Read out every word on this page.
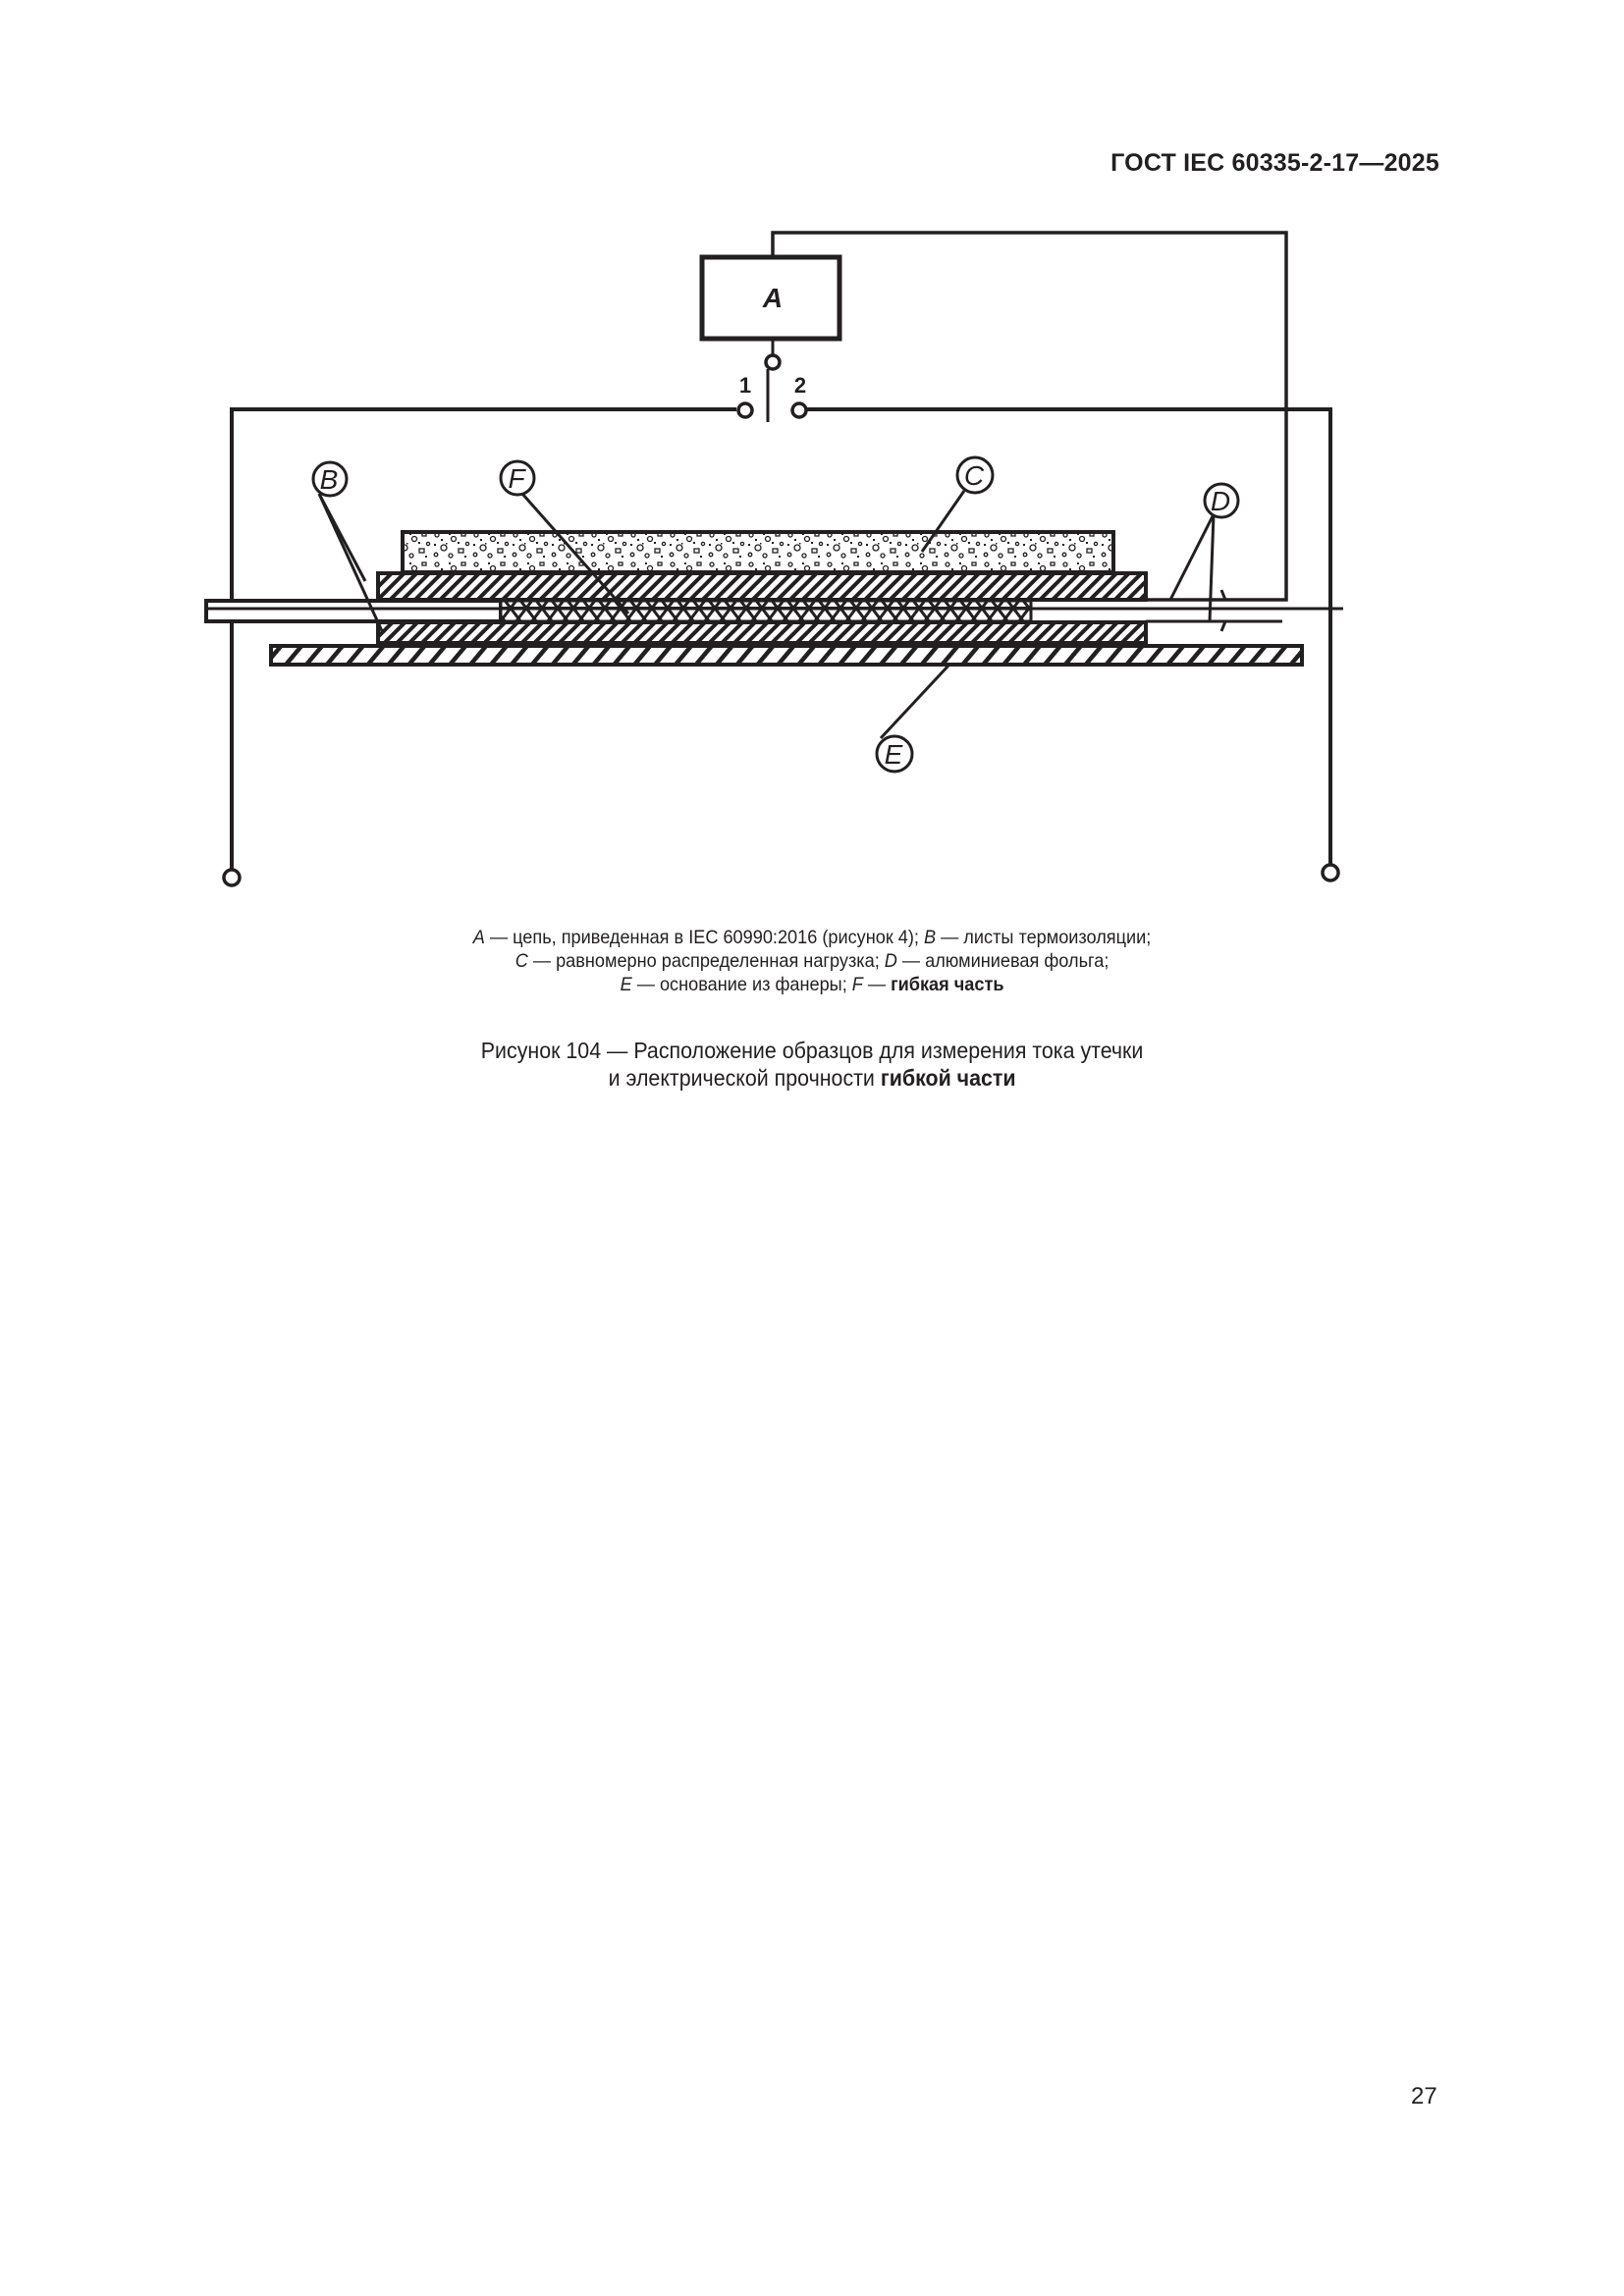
ГОСТ IEC 60335-2-17—2025
A
1 2
B	F	C
D
E
A — цепь, приведенная в IEC 60990:2016 (рисунок 4); B — листы термоизоляции;
C — равномерно распределенная нагрузка; D — алюминиевая фольга;
E — основание из фанеры; F — гибкая часть
Рисунок 104 — Расположение образцов для измерения тока утечки
и электрической прочности гибкой части
27
